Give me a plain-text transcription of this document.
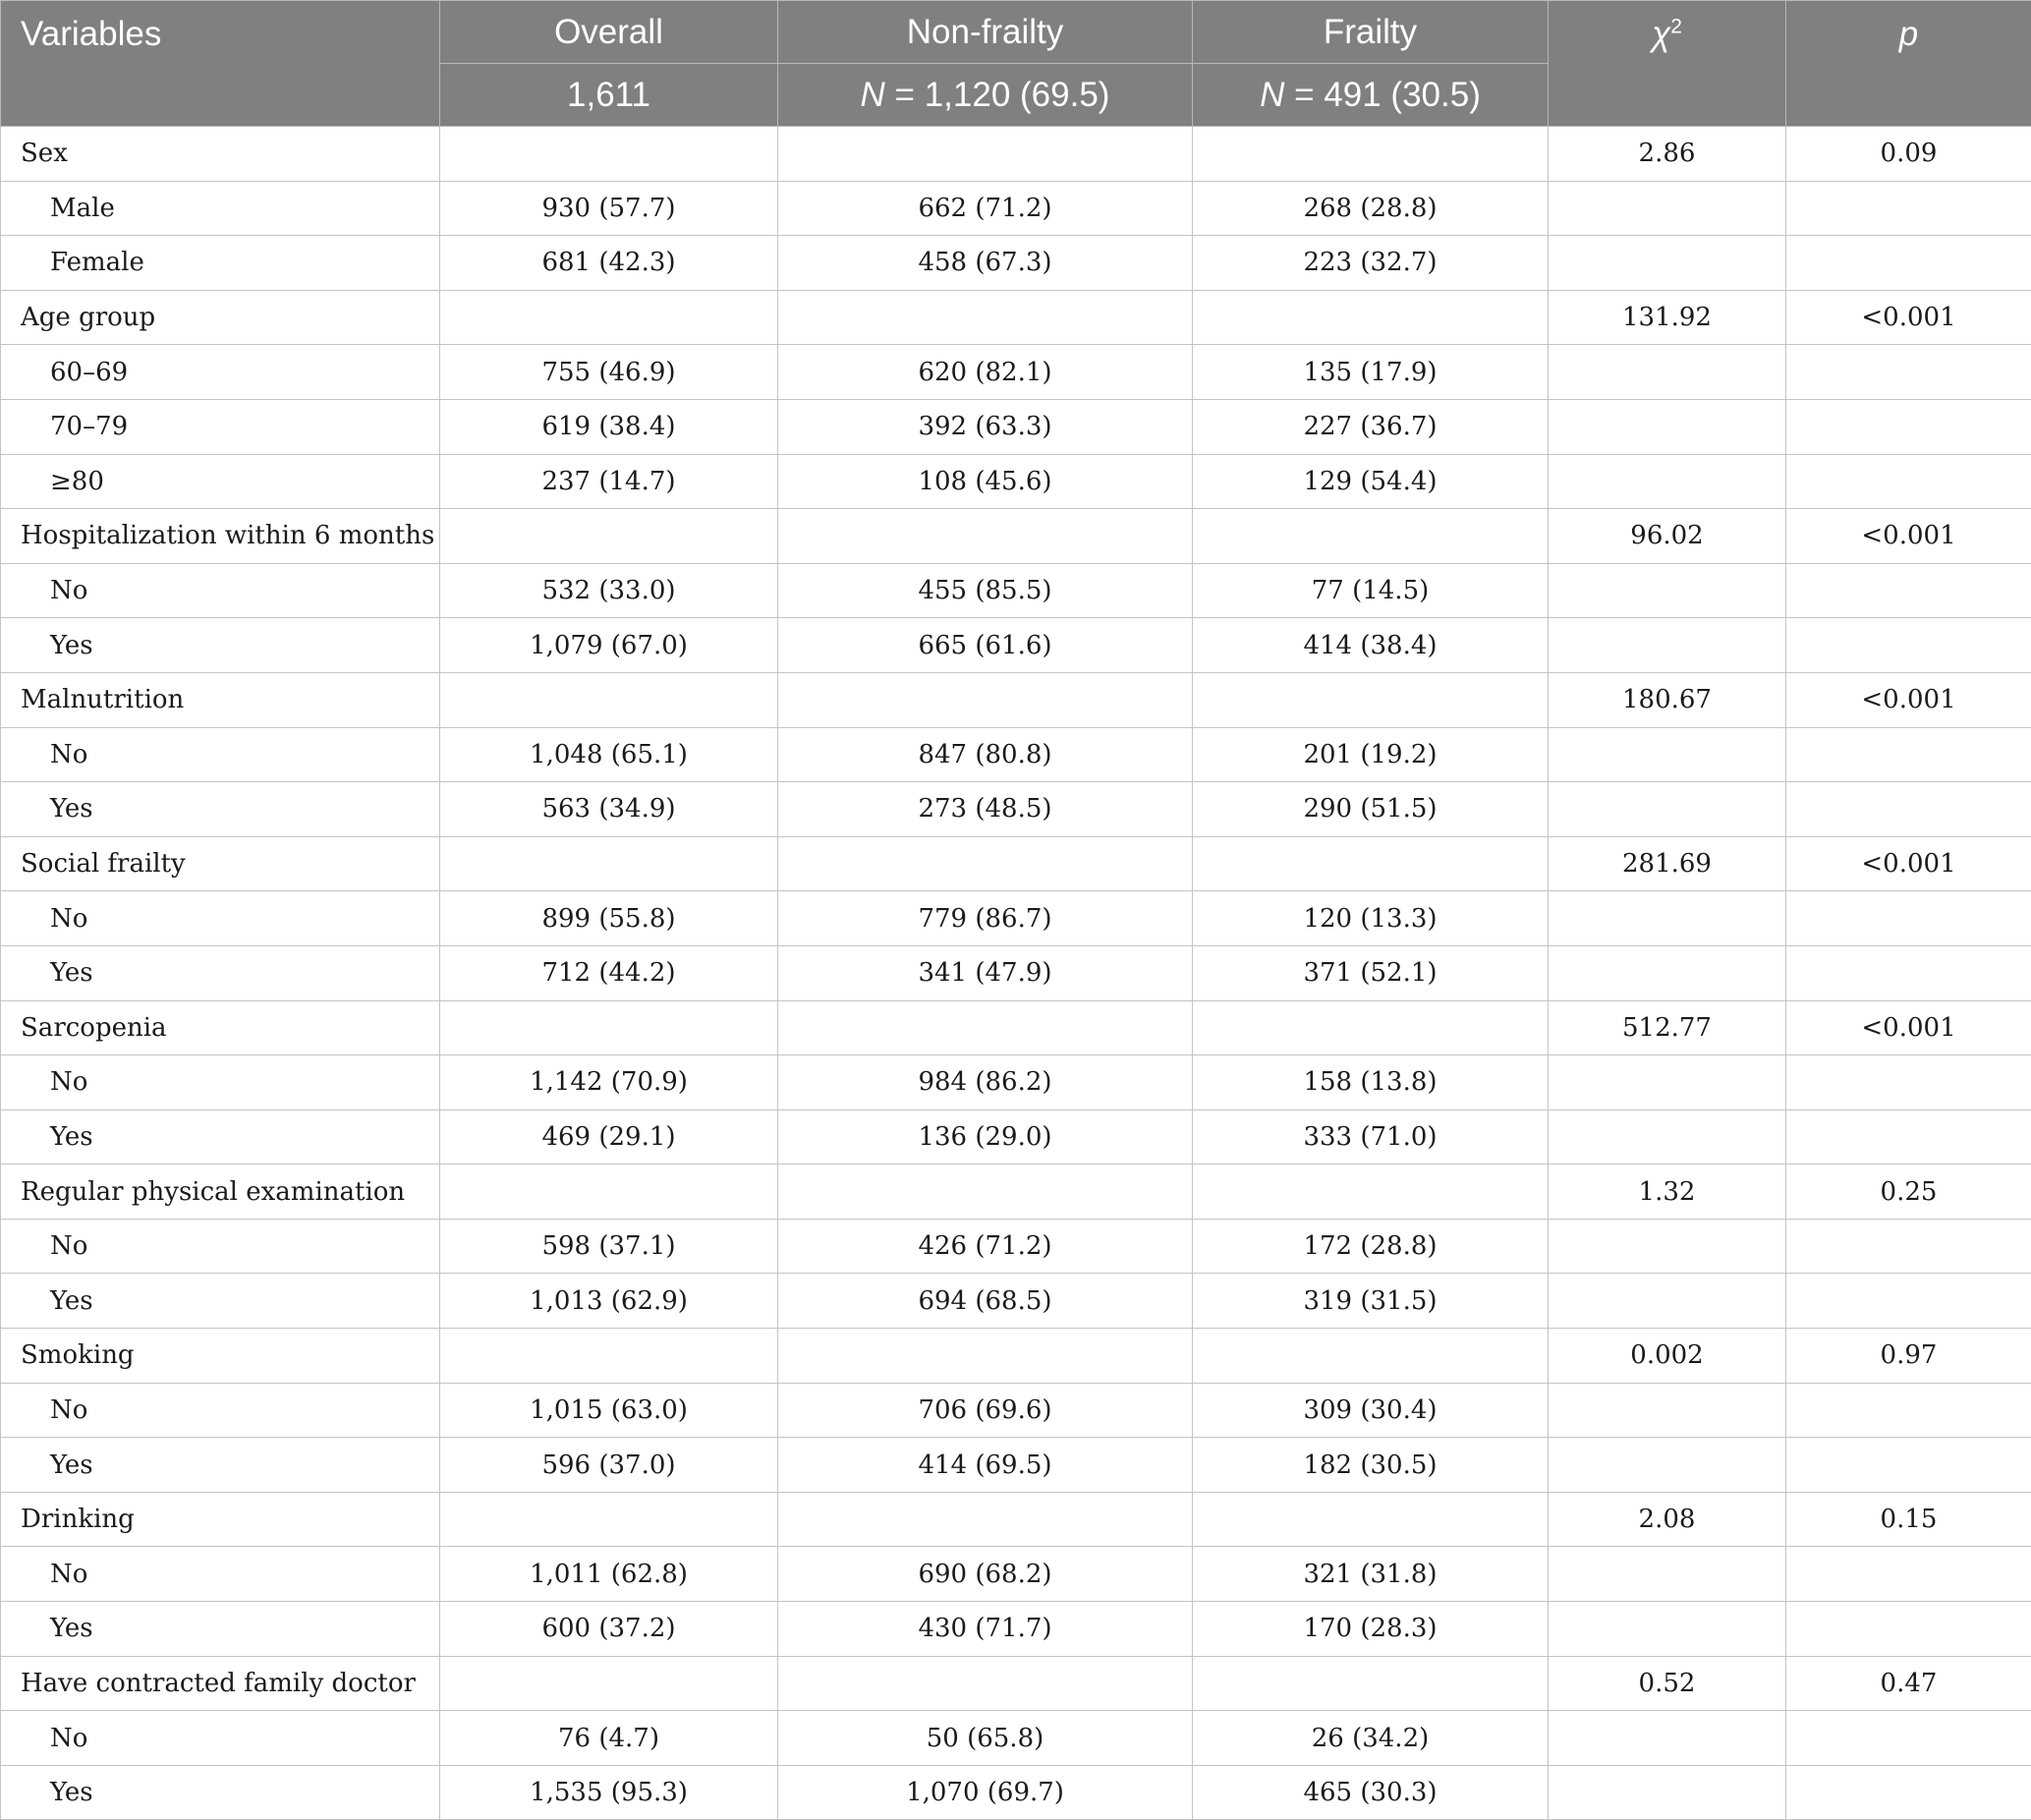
Variables	Overall	Non-frailty	Frailty	$\chi^2$	p
	1,611	N = 1,120 (69.5)	N = 491 (30.5)		
Sex				2.86	0.09
Male	930 (57.7)	662 (71.2)	268 (28.8)		
Female	681 (42.3)	458 (67.3)	223 (32.7)		
Age group				131.92	<0.001
60–69	755 (46.9)	620 (82.1)	135 (17.9)		
70–79	619 (38.4)	392 (63.3)	227 (36.7)		
≥80	237 (14.7)	108 (45.6)	129 (54.4)		
Hospitalization within 6 months				96.02	<0.001
No	532 (33.0)	455 (85.5)	77 (14.5)		
Yes	1,079 (67.0)	665 (61.6)	414 (38.4)		
Malnutrition				180.67	<0.001
No	1,048 (65.1)	847 (80.8)	201 (19.2)		
Yes	563 (34.9)	273 (48.5)	290 (51.5)		
Social frailty				281.69	<0.001
No	899 (55.8)	779 (86.7)	120 (13.3)		
Yes	712 (44.2)	341 (47.9)	371 (52.1)		
Sarcopenia				512.77	<0.001
No	1,142 (70.9)	984 (86.2)	158 (13.8)		
Yes	469 (29.1)	136 (29.0)	333 (71.0)		
Regular physical examination				1.32	0.25
No	598 (37.1)	426 (71.2)	172 (28.8)		
Yes	1,013 (62.9)	694 (68.5)	319 (31.5)		
Smoking				0.002	0.97
No	1,015 (63.0)	706 (69.6)	309 (30.4)		
Yes	596 (37.0)	414 (69.5)	182 (30.5)		
Drinking				2.08	0.15
No	1,011 (62.8)	690 (68.2)	321 (31.8)		
Yes	600 (37.2)	430 (71.7)	170 (28.3)		
Have contracted family doctor				0.52	0.47
No	76 (4.7)	50 (65.8)	26 (34.2)		
Yes	1,535 (95.3)	1,070 (69.7)	465 (30.3)		
